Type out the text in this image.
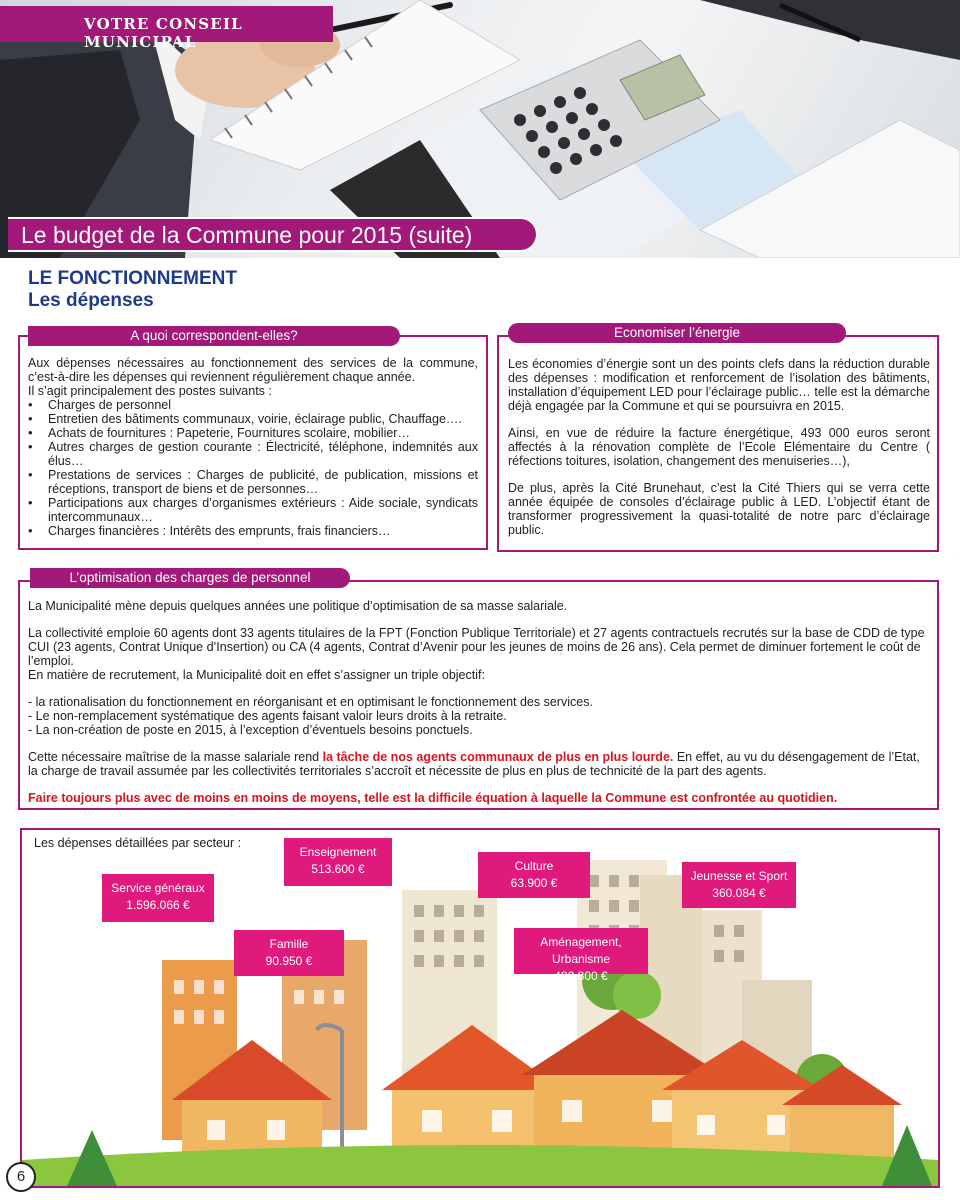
VOTRE CONSEIL MUNICIPAL
Le budget de la Commune pour 2015 (suite)
LE FONCTIONNEMENT
Les dépenses
A quoi correspondent-elles?

Aux dépenses nécessaires au fonctionnement des services de la commune, c’est-à-dire les dépenses qui reviennent régulièrement chaque année.

Il s’agit principalement des postes suivants :

• Charges de personnel
• Entretien des bâtiments communaux, voirie, éclairage public, Chauffage….
• Achats de fournitures : Papeterie, Fournitures scolaire, mobilier…
• Autres charges de gestion courante : Électricité, téléphone, indemnités aux élus…
• Prestations de services : Charges de publicité, de publication, missions et réceptions, transport de biens et de personnes…
• Participations aux charges d’organismes extérieurs : Aide sociale, syndicats intercommunaux…
• Charges financières : Intérêts des emprunts, frais financiers…
Economiser l’énergie

Les économies d’énergie sont un des points clefs dans la réduction durable des dépenses : modification et renforcement de l’isolation des bâtiments, installation d’équipement LED pour l’éclairage public… telle est la démarche déjà engagée par la Commune et qui se poursuivra en 2015.

Ainsi, en vue de réduire la facture énergétique, 493 000 euros seront affectés à la rénovation complète de l’Ecole Elémentaire du Centre ( réfections toitures, isolation, changement des menuiseries…),

De plus, après la Cité Brunehaut, c’est la Cité Thiers qui se verra cette année équipée de consoles d’éclairage public à LED. L’objectif étant de transformer progressivement la quasi-totalité de notre parc d’éclairage public.

L’optimisation des charges de personnel

La Municipalité mène depuis quelques années une politique d’optimisation de sa masse salariale.

La collectivité emploie 60 agents dont 33 agents titulaires de la FPT (Fonction Publique Territoriale) et 27 agents contractuels recrutés sur la base de CDD de type CUI (23 agents, Contrat Unique d’Insertion) ou CA (4 agents, Contrat d’Avenir pour les jeunes de moins de 26 ans). Cela permet de diminuer fortement le coût de l’emploi.

En matière de recrutement, la Municipalité doit en effet s’assigner un triple objectif:

- la rationalisation du fonctionnement en réorganisant et en optimisant le fonctionnement des services.

- Le non-remplacement systématique des agents faisant valoir leurs droits à la retraite.

- La non-création de poste en 2015, à l’exception d’éventuels besoins ponctuels.

Cette nécessaire maîtrise de la masse salariale rend la tâche de nos agents communaux de plus en plus lourde. En effet, au vu du désengagement de l’Etat, la charge de travail assumée par les collectivités territoriales s’accroît et nécessite de plus en plus de technicité de la part des agents.

Faire toujours plus avec de moins en moins de moyens, telle est la difficile équation à laquelle la Commune est confrontée au quotidien.

Les dépenses détaillées par secteur :
Service généraux
1.596.066 €
Enseignement
513.600 €	Culture
63.900 €	Jeunesse et Sport
360.084 €
Famille
90.950 €
Aménagement, Urbanisme
482.800 €
6
